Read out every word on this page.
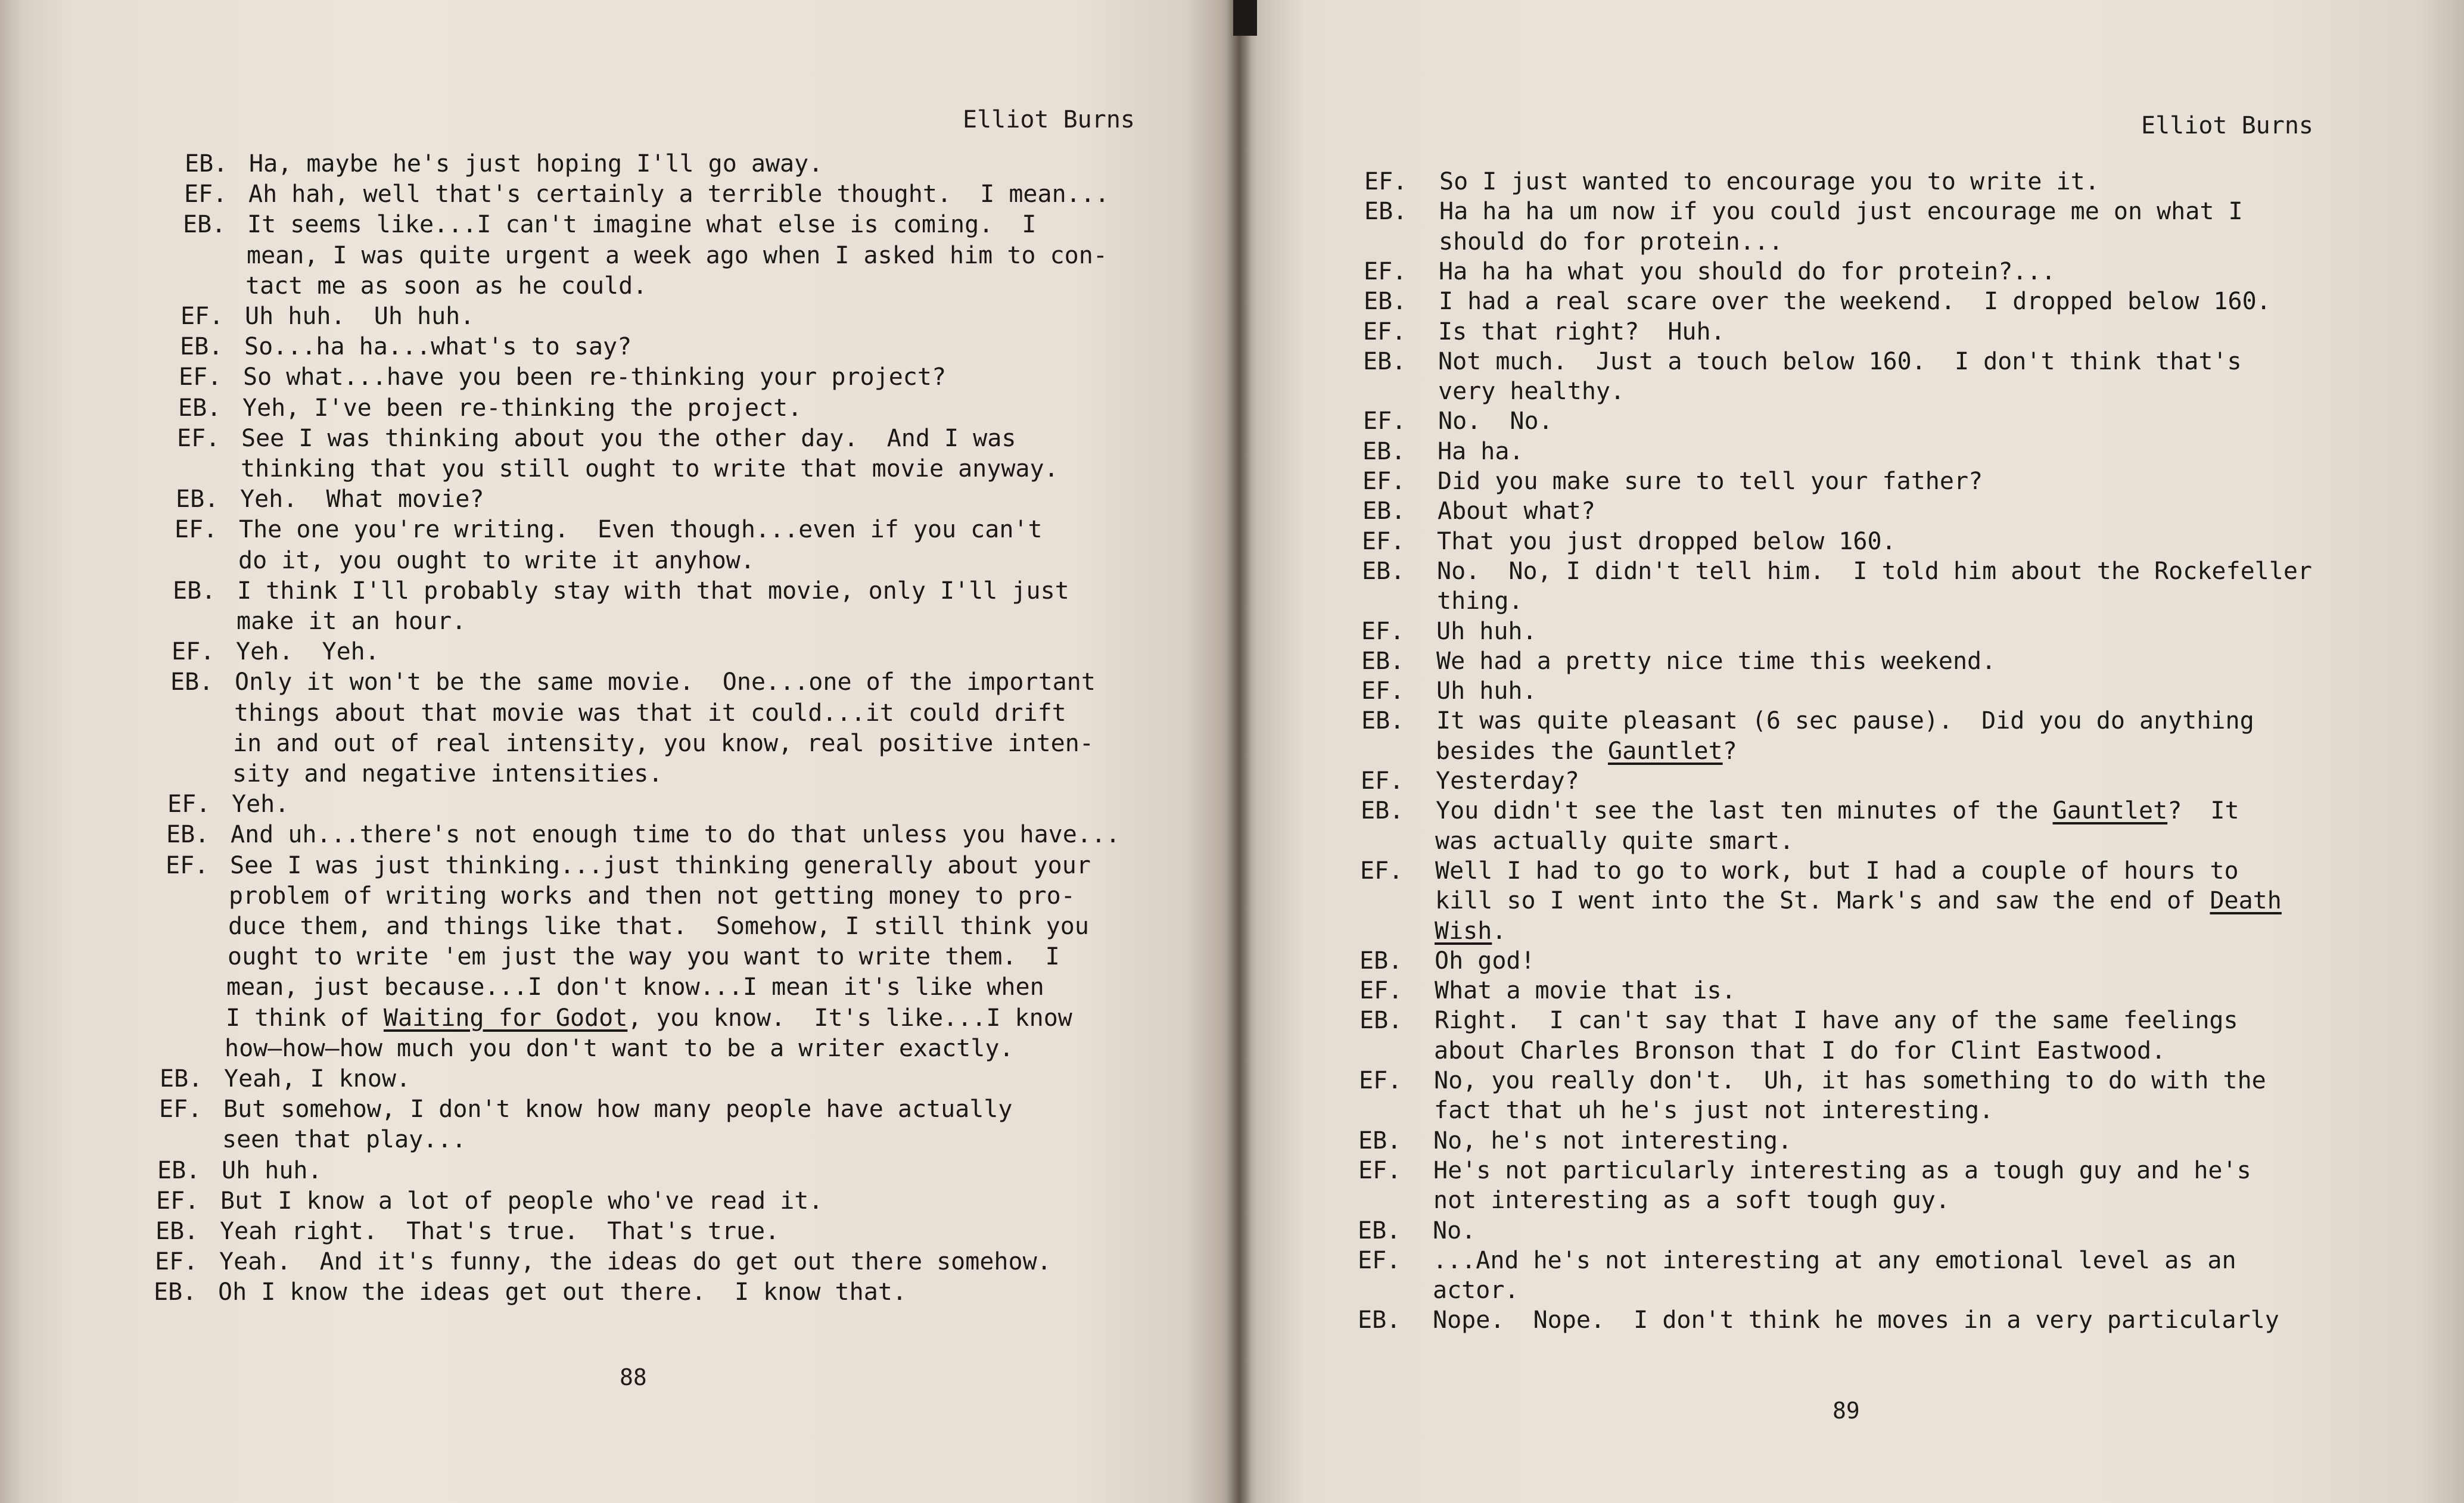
Elliot Burns
EB. Ha, maybe he's just hoping I'll go away.
EF. Ah hah, well that's certainly a terrible thought.  I mean...
EB. It seems like...I can't imagine what else is coming.  I
mean, I was quite urgent a week ago when I asked him to con-
tact me as soon as he could.
EF. Uh huh.  Uh huh.
EB. So...ha ha...what's to say?
EF. So what...have you been re-thinking your project?
EB. Yeh, I've been re-thinking the project.
EF. See I was thinking about you the other day.  And I was
thinking that you still ought to write that movie anyway.
EB. Yeh.  What movie?
EF. The one you're writing.  Even though...even if you can't
do it, you ought to write it anyhow.
EB. I think I'll probably stay with that movie, only I'll just
make it an hour.
EF. Yeh.  Yeh.
EB. Only it won't be the same movie.  One...one of the important
things about that movie was that it could...it could drift
in and out of real intensity, you know, real positive inten-
sity and negative intensities.
EF. Yeh.
EB. And uh...there's not enough time to do that unless you have...
EF. See I was just thinking...just thinking generally about your
problem of writing works and then not getting money to pro-
duce them, and things like that.  Somehow, I still think you
ought to write 'em just the way you want to write them.  I
mean, just because...I don't know...I mean it's like when
I think of Waiting for Godot, you know.  It's like...I know
how—how—how much you don't want to be a writer exactly.
EB. Yeah, I know.
EF. But somehow, I don't know how many people have actually
seen that play...
EB. Uh huh.
EF. But I know a lot of people who've read it.
EB. Yeah right.  That's true.  That's true.
EF. Yeah.  And it's funny, the ideas do get out there somehow.
EB. Oh I know the ideas get out there.  I know that.
88
Elliot Burns
EF.	So I just wanted to encourage you to write it.
EB.	Ha ha ha um now if you could just encourage me on what I
should do for protein...
EF.	Ha ha ha what you should do for protein?...
EB.	I had a real scare over the weekend.  I dropped below 160.
EF.	Is that right?  Huh.
EB.	Not much.  Just a touch below 160.  I don't think that's
very healthy.
EF.	No.  No.
EB.	Ha ha.
EF.	Did you make sure to tell your father?
EB.	About what?
EF.	That you just dropped below 160.
EB.	No.  No, I didn't tell him.  I told him about the Rockefeller
thing.
EF.	Uh huh.
EB.	We had a pretty nice time this weekend.
EF.	Uh huh.
EB.	It was quite pleasant (6 sec pause).  Did you do anything
besides the Gauntlet?
EF.	Yesterday?
EB.	You didn't see the last ten minutes of the Gauntlet?  It
was actually quite smart.
EF.	Well I had to go to work, but I had a couple of hours to
kill so I went into the St. Mark's and saw the end of Death
Wish.
EB.	Oh god!
EF.	What a movie that is.
EB.	Right.  I can't say that I have any of the same feelings
about Charles Bronson that I do for Clint Eastwood.
EF.	No, you really don't.  Uh, it has something to do with the
fact that uh he's just not interesting.
EB.	No, he's not interesting.
EF.	He's not particularly interesting as a tough guy and he's
not interesting as a soft tough guy.
EB.	No.
EF.	...And he's not interesting at any emotional level as an
actor.
EB.	Nope.  Nope.  I don't think he moves in a very particularly
89
